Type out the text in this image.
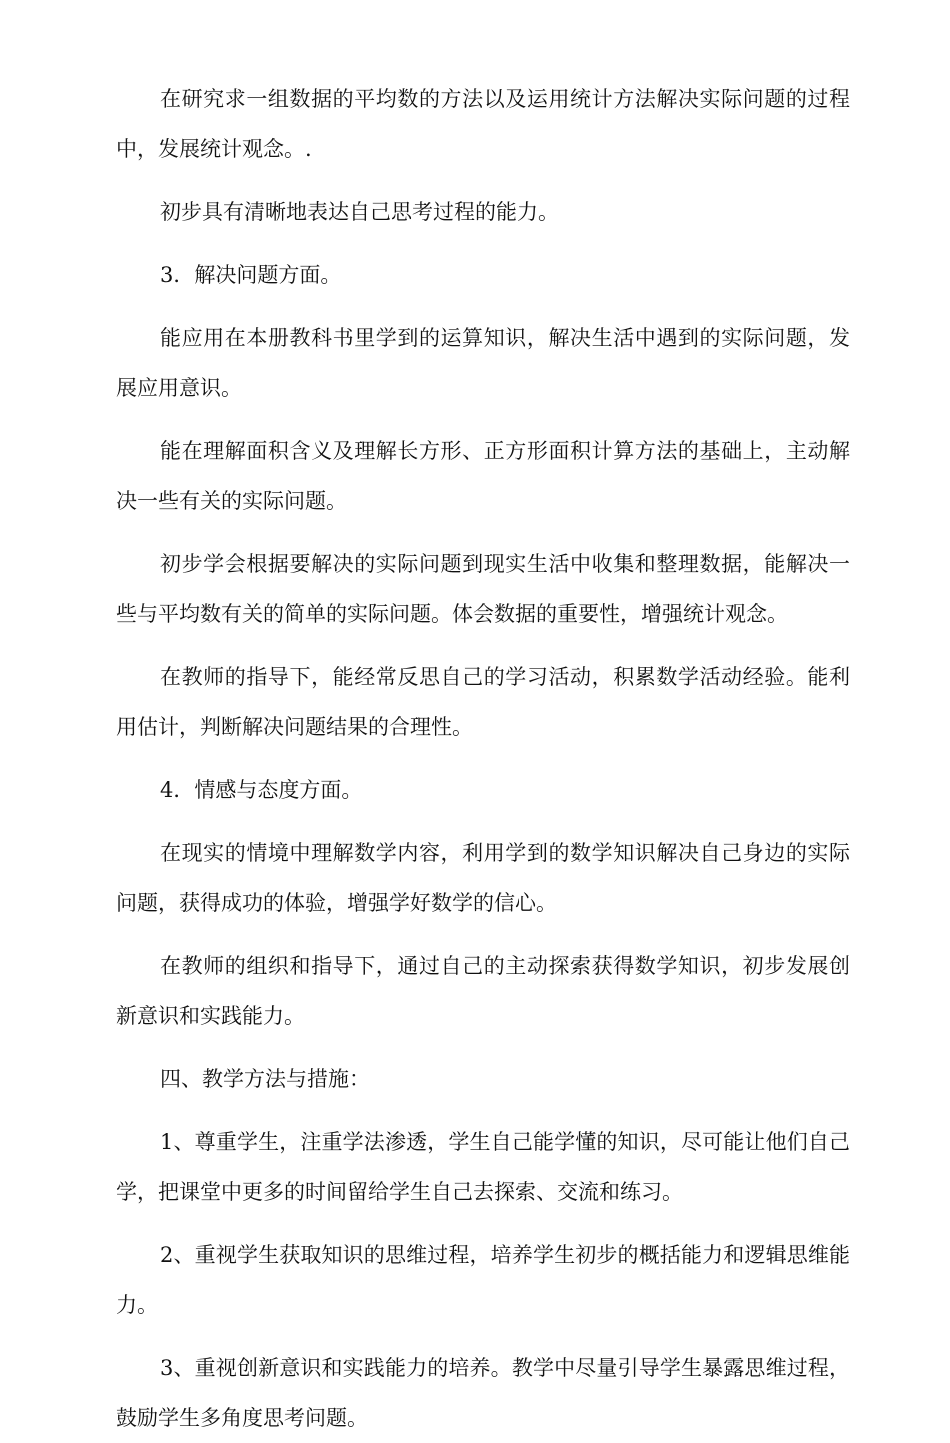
在研究求一组数据的平均数的方法以及运用统计方法解决实际问题的过程中，发展统计观念。.

初步具有清晰地表达自己思考过程的能力。

3．解决问题方面。

能应用在本册教科书里学到的运算知识，解决生活中遇到的实际问题，发展应用意识。

能在理解面积含义及理解长方形、正方形面积计算方法的基础上，主动解决一些有关的实际问题。

初步学会根据要解决的实际问题到现实生活中收集和整理数据，能解决一些与平均数有关的简单的实际问题。体会数据的重要性，增强统计观念。

在教师的指导下，能经常反思自己的学习活动，积累数学活动经验。能利用估计，判断解决问题结果的合理性。

4．情感与态度方面。

在现实的情境中理解数学内容，利用学到的数学知识解决自己身边的实际问题，获得成功的体验，增强学好数学的信心。

在教师的组织和指导下，通过自己的主动探索获得数学知识，初步发展创新意识和实践能力。

四、教学方法与措施：

1、尊重学生，注重学法渗透，学生自己能学懂的知识，尽可能让他们自己学，把课堂中更多的时间留给学生自己去探索、交流和练习。

2、重视学生获取知识的思维过程，培养学生初步的概括能力和逻辑思维能力。

3、重视创新意识和实践能力的培养。教学中尽量引导学生暴露思维过程，鼓励学生多角度思考问题。
